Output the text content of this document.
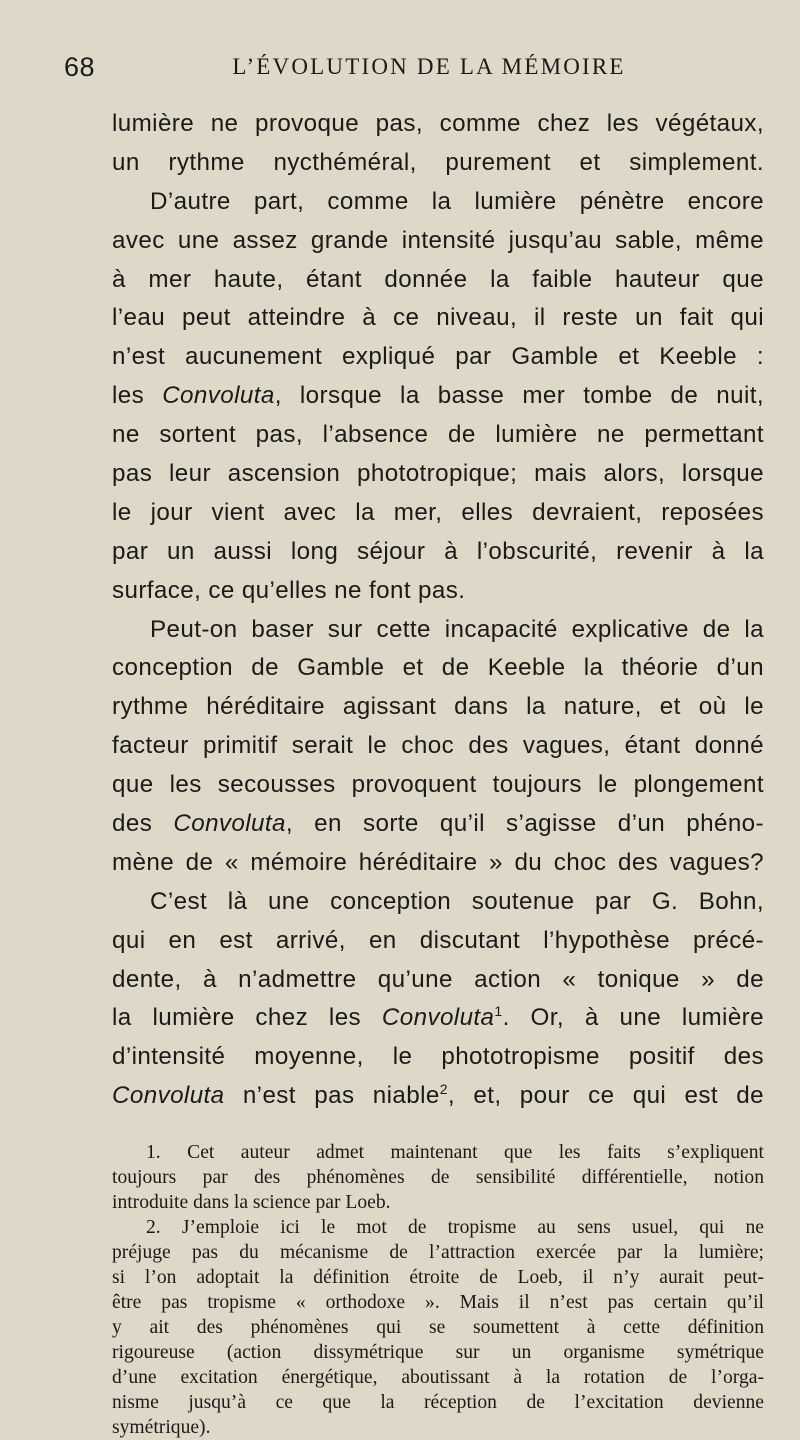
68	L’ÉVOLUTION DE LA MÉMOIRE
lumière ne provoque pas, comme chez les végétaux,
un rythme nycthéméral, purement et simplement.
D’autre part, comme la lumière pénètre encore
avec une assez grande intensité jusqu’au sable, même
à mer haute, étant donnée la faible hauteur que
l’eau peut atteindre à ce niveau, il reste un fait qui
n’est aucunement expliqué par Gamble et Keeble :
les Convoluta, lorsque la basse mer tombe de nuit,
ne sortent pas, l’absence de lumière ne permettant
pas leur ascension phototropique; mais alors, lorsque
le jour vient avec la mer, elles devraient, reposées
par un aussi long séjour à l’obscurité, revenir à la
surface, ce qu’elles ne font pas.
Peut-on baser sur cette incapacité explicative de la
conception de Gamble et de Keeble la théorie d’un
rythme héréditaire agissant dans la nature, et où le
facteur primitif serait le choc des vagues, étant donné
que les secousses provoquent toujours le plongement
des Convoluta, en sorte qu’il s’agisse d’un phéno-
mène de « mémoire héréditaire » du choc des vagues?
C’est là une conception soutenue par G. Bohn,
qui en est arrivé, en discutant l’hypothèse précé-
dente, à n’admettre qu’une action « tonique » de
la lumière chez les Convoluta$^1$. Or, à une lumière
d’intensité moyenne, le phototropisme positif des
Convoluta n’est pas niable$^2$, et, pour ce qui est de
1. Cet auteur admet maintenant que les faits s’expliquent
toujours par des phénomènes de sensibilité différentielle, notion
introduite dans la science par Loeb.
2. J’emploie ici le mot de tropisme au sens usuel, qui ne
préjuge pas du mécanisme de l’attraction exercée par la lumière;
si l’on adoptait la définition étroite de Loeb, il n’y aurait peut-
être pas tropisme « orthodoxe ». Mais il n’est pas certain qu’il
y ait des phénomènes qui se soumettent à cette définition
rigoureuse (action dissymétrique sur un organisme symétrique
d’une excitation énergétique, aboutissant à la rotation de l’orga-
nisme jusqu’à ce que la réception de l’excitation devienne
symétrique).
